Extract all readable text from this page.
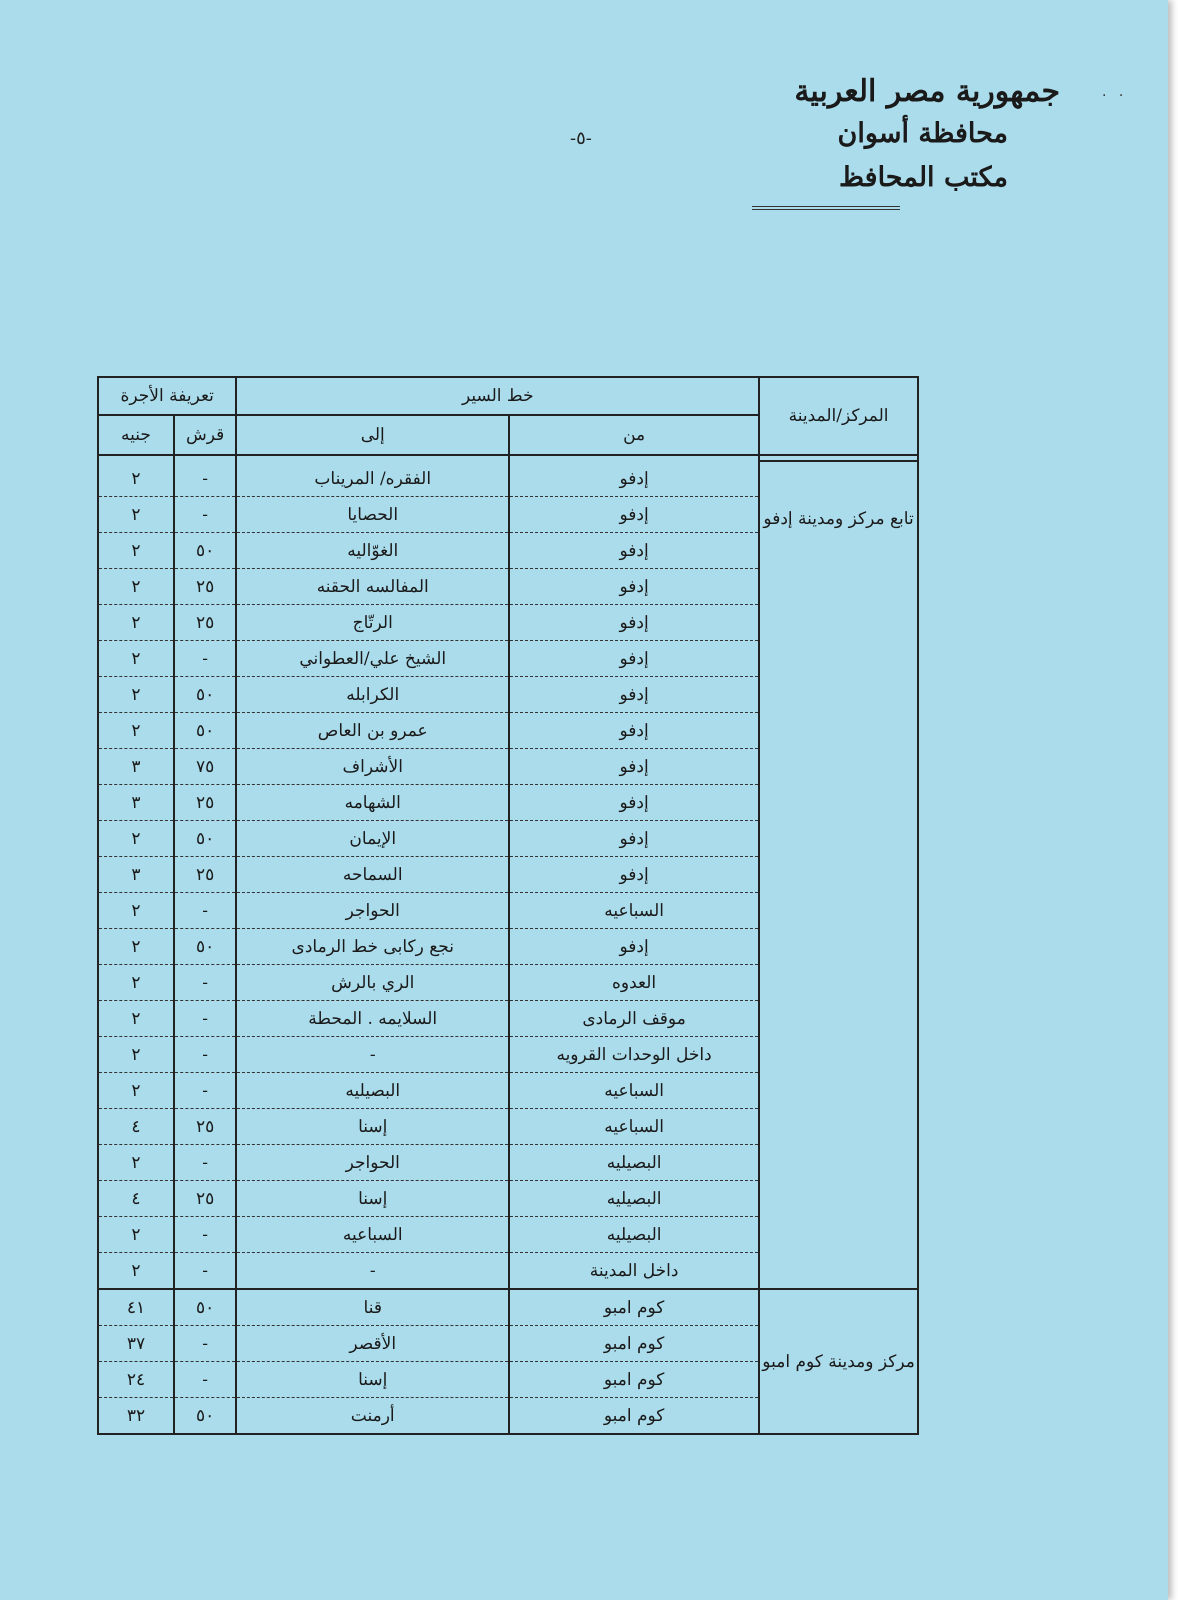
. .
جمهورية مصر العربية
محافظة أسوان
مكتب المحافظ
-٥-
المركز/المدينة	خط السير		تعريفة الأجرة	
	من	إلى	قرش	جنيه

تابع مركز ومدينة إدفو	إدفو	الفقره/ المريناب	-	٢
	إدفو	الحصايا	-	٢
	إدفو	الغوّاليه	٥٠	٢
	إدفو	المفالسه الحقنه	٢٥	٢
	إدفو	الرتّاج	٢٥	٢
	إدفو	الشيخ علي/العطواني	-	٢
	إدفو	الكرابله	٥٠	٢
	إدفو	عمرو بن العاص	٥٠	٢
	إدفو	الأشراف	٧٥	٣
	إدفو	الشهامه	٢٥	٣
	إدفو	الإيمان	٥٠	٢
	إدفو	السماحه	٢٥	٣
	السباعيه	الحواجر	-	٢
	إدفو	نجع ركابى خط الرمادى	٥٠	٢
	العدوه	الري بالرش	-	٢
	موقف الرمادى	السلايمه . المحطة	-	٢
	داخل الوحدات القرويه	-	-	٢
	السباعيه	البصيليه	-	٢
	السباعيه	إسنا	٢٥	٤
	البصيليه	الحواجر	-	٢
	البصيليه	إسنا	٢٥	٤
	البصيليه	السباعيه	-	٢
	داخل المدينة	-	-	٢
مركز ومدينة كوم امبو	كوم امبو	قنا	٥٠	٤١
	كوم امبو	الأقصر	-	٣٧
	كوم امبو	إسنا	-	٢٤
	كوم امبو	أرمنت	٥٠	٣٢
